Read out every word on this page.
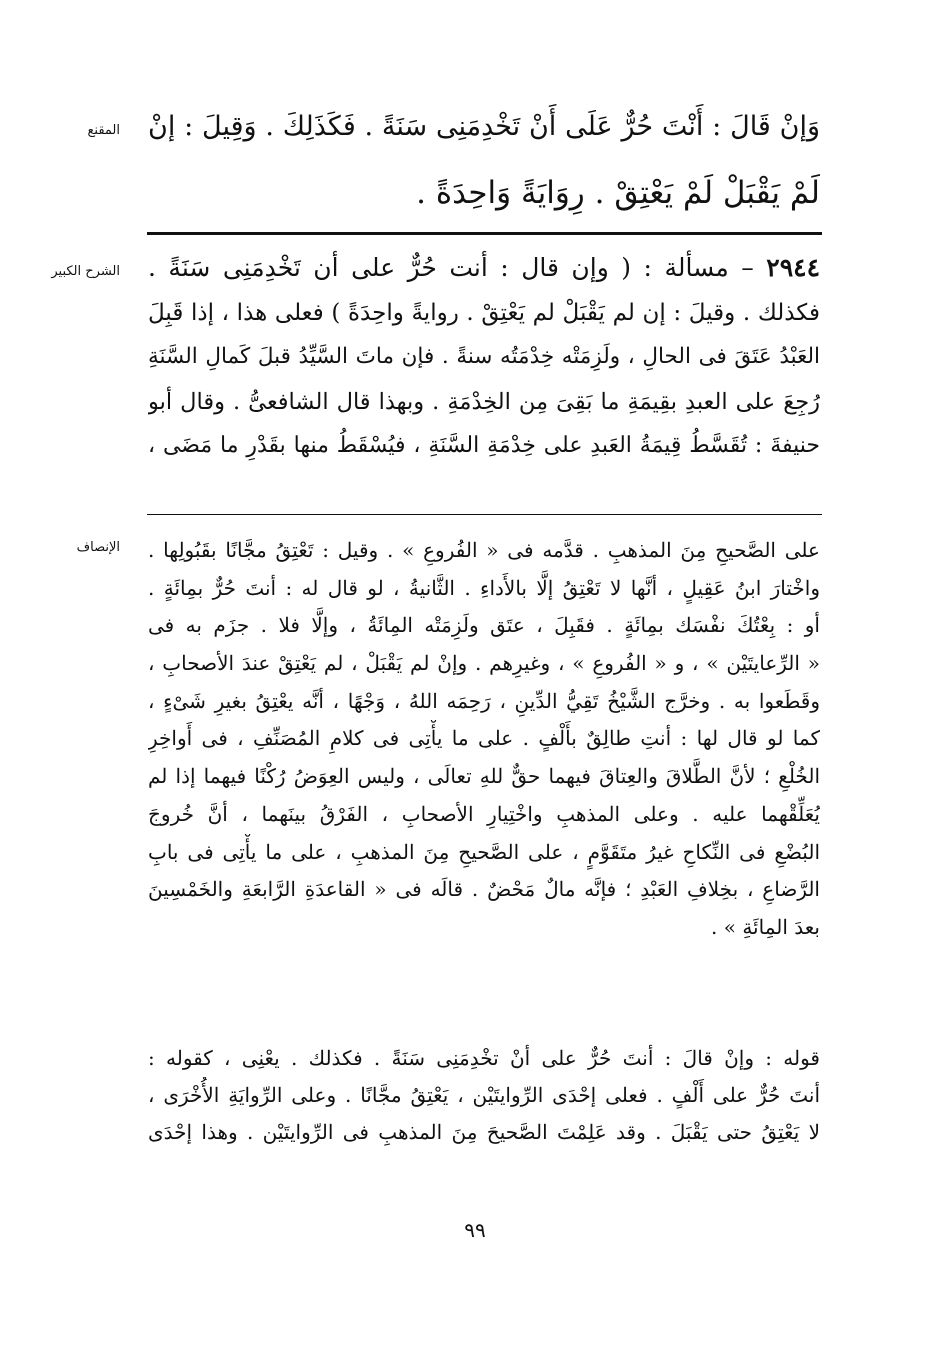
المقنع
الشرح الكبير
الإنصاف
وَإنْ قَالَ : أَنْتَ حُرٌّ عَلَى أَنْ تَخْدِمَنِى سَنَةً . فَكَذَلِكَ . وَقِيلَ : إنْ
لَمْ يَقْبَلْ لَمْ يَعْتِقْ . رِوَايَةً وَاحِدَةً .
٢٩٤٤ – مسألة : ( وإن قال : أنت حُرٌّ على أن تَخْدِمَنِى سَنَةً .
فكذلك . وقيلَ : إن لم يَقْبَلْ لم يَعْتِقْ . روايةً واحِدَةً ) فعلى هذا ، إذا قَبِلَ
العَبْدُ عَتَقَ فى الحالِ ، ولَزِمَتْه خِدْمَتُه سنةً . فإن ماتَ السَّيِّدُ قبلَ كَمالِ السَّنَةِ
رُجِعَ على العبدِ بقِيمَةِ ما بَقِىَ مِن الخِدْمَةِ . وبهذا قال الشافعىُّ . وقال أبو
حنيفةَ : تُقَسَّطُ قِيمَةُ العَبدِ على خِدْمَةِ السَّنَةِ ، فيُسْقَطُ منها بقَدْرِ ما مَضَى ،
على الصَّحيحِ مِنَ المذهبِ . قدَّمه فى « الفُروعِ » . وقيل : تَعْتِقُ مجَّانًا بقَبُولِها .
واخْتارَ ابنُ عَقِيلٍ ، أنَّها لا تَعْتِقُ إلَّا بالأَداءِ . الثَّانيةُ ، لو قال له : أنتَ حُرٌّ بمِائَةٍ .
أو : بِعْتُكَ نفْسَك بمِائَةٍ . فقَبِلَ ، عتَق ولَزِمَتْه المِائَةُ ، وإلَّا فلا . جزَم به فى
« الرِّعايتَيْن » ، و « الفُروعِ » ، وغيرِهم . وإنْ لم يَقْبَلْ ، لم يَعْتِقْ عندَ الأصحابِ ،
وقَطَعوا به . وخرَّج الشَّيْخُ تَقِيُّ الدِّينِ ، رَحِمَه اللهُ ، وَجْهًا ، أنَّه يعْتِقُ بغيرِ شَىْءٍ ،
كما لو قال لها : أنتِ طالِقٌ بأَلْفٍ . على ما يأْتِى فى كلامِ المُصَنِّفِ ، فى أَواخِرِ
الخُلْعِ ؛ لأنَّ الطَّلاقَ والعِتاقَ فيهما حقٌّ للهِ تعالَى ، وليس العِوَضُ رُكْنًا فيهما إذا لم
يُعَلِّقْهما عليه . وعلى المذهبِ واخْتِيارِ الأصحابِ ، الفَرْقُ بينَهما ، أنَّ خُروجَ
البُضْعِ فى النِّكاحِ غيرُ متَقَوَّمٍ ، على الصَّحيحِ مِنَ المذهبِ ، على ما يأْتِى فى بابِ
الرَّضاعِ ، بخِلافِ العَبْدِ ؛ فإنَّه مالٌ مَحْضٌ . قالَه فى « القاعدَةِ الرَّابعَةِ والخَمْسِينَ
بعدَ المِائَةِ » .
قوله : وإنْ قالَ : أنتَ حُرٌّ على أنْ تخْدِمَنِى سَنَةً . فكذلك . يعْنِى ، كقوله :
أنتَ حُرٌّ على أَلْفٍ . فعلى إحْدَى الرِّوايتَيْن ، يَعْتِقُ مجَّانًا . وعلى الرِّوايَةِ الأُخْرَى ،
لا يَعْتِقُ حتى يَقْبَلَ . وقد عَلِمْتَ الصَّحيحَ مِنَ المذهبِ فى الرِّوايتَيْن . وهذا إحْدَى
٩٩
